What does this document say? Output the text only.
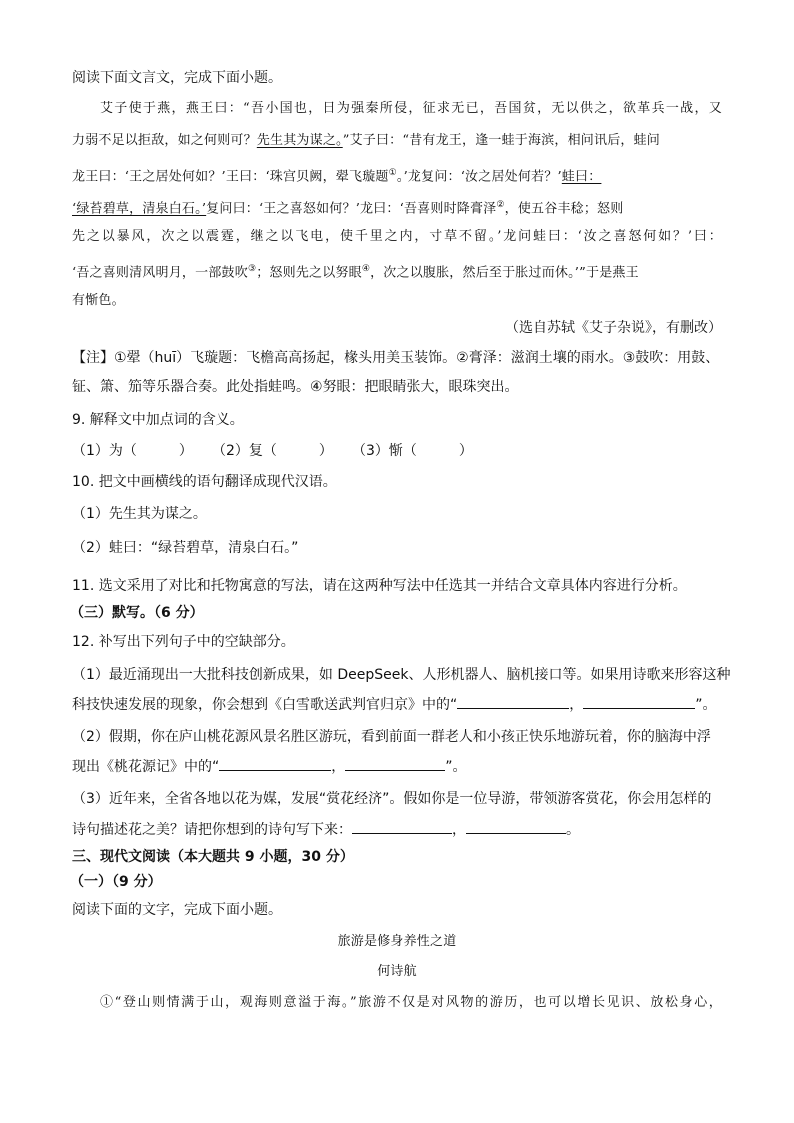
阅读下面文言文，完成下面小题。
艾子使于燕，燕王曰：“吾小国也，日为强秦所侵，征求无已，吾国贫，无以供之，欲革兵一战，又
力弱不足以拒敌，如之何则可？先生其为谋之。”艾子曰：“昔有龙王，逢一蛙于海滨，相问讯后，蛙问
龙王曰：‘王之居处何如？’王曰：‘珠宫贝阙，翚飞璇题①。’龙复问：‘汝之居处何若？’蛙曰：
‘绿苔碧草，清泉白石。’复问曰：‘王之喜怒如何？’龙曰：‘吾喜则时降膏泽②，使五谷丰稔；怒则
先之以暴风，次之以震霆，继之以飞电，使千里之内，寸草不留。’龙问蛙曰：‘汝之喜怒何如？’曰：
‘吾之喜则清风明月，一部鼓吹③；怒则先之以努眼④，次之以腹胀，然后至于胀过而休。’”于是燕王
有惭色。
（选自苏轼《艾子杂说》，有删改）
【注】①翚（huī）飞璇题：飞檐高高扬起，椽头用美玉装饰。②膏泽：滋润土壤的雨水。③鼓吹：用鼓、
钲、箫、笳等乐器合奏。此处指蛙鸣。④努眼：把眼睛张大，眼珠突出。
9. 解释文中加点词的含义。
（1）为（　　　） （2）复（　　　） （3）惭（　　　）
10. 把文中画横线的语句翻译成现代汉语。
（1）先生其为谋之。
（2）蛙曰：“绿苔碧草，清泉白石。”
11. 选文采用了对比和托物寓意的写法，请在这两种写法中任选其一并结合文章具体内容进行分析。
（三）默写。（6 分）
12. 补写出下列句子中的空缺部分。
（1）最近涌现出一大批科技创新成果，如 DeepSeek、人形机器人、脑机接口等。如果用诗歌来形容这种
科技快速发展的现象，你会想到《白雪歌送武判官归京》中的“	，	”。
（2）假期，你在庐山桃花源风景名胜区游玩，看到前面一群老人和小孩正快乐地游玩着，你的脑海中浮
现出《桃花源记》中的“	，	”。
（3）近年来，全省各地以花为媒，发展“赏花经济”。假如你是一位导游，带领游客赏花，你会用怎样的
诗句描述花之美？请把你想到的诗句写下来：	，	。
三、现代文阅读（本大题共 9 小题，30 分）
（一）（9 分）
阅读下面的文字，完成下面小题。
旅游是修身养性之道
何诗航
①“登山则情满于山，观海则意溢于海。”旅游不仅是对风物的游历，也可以增长见识、放松身心，
